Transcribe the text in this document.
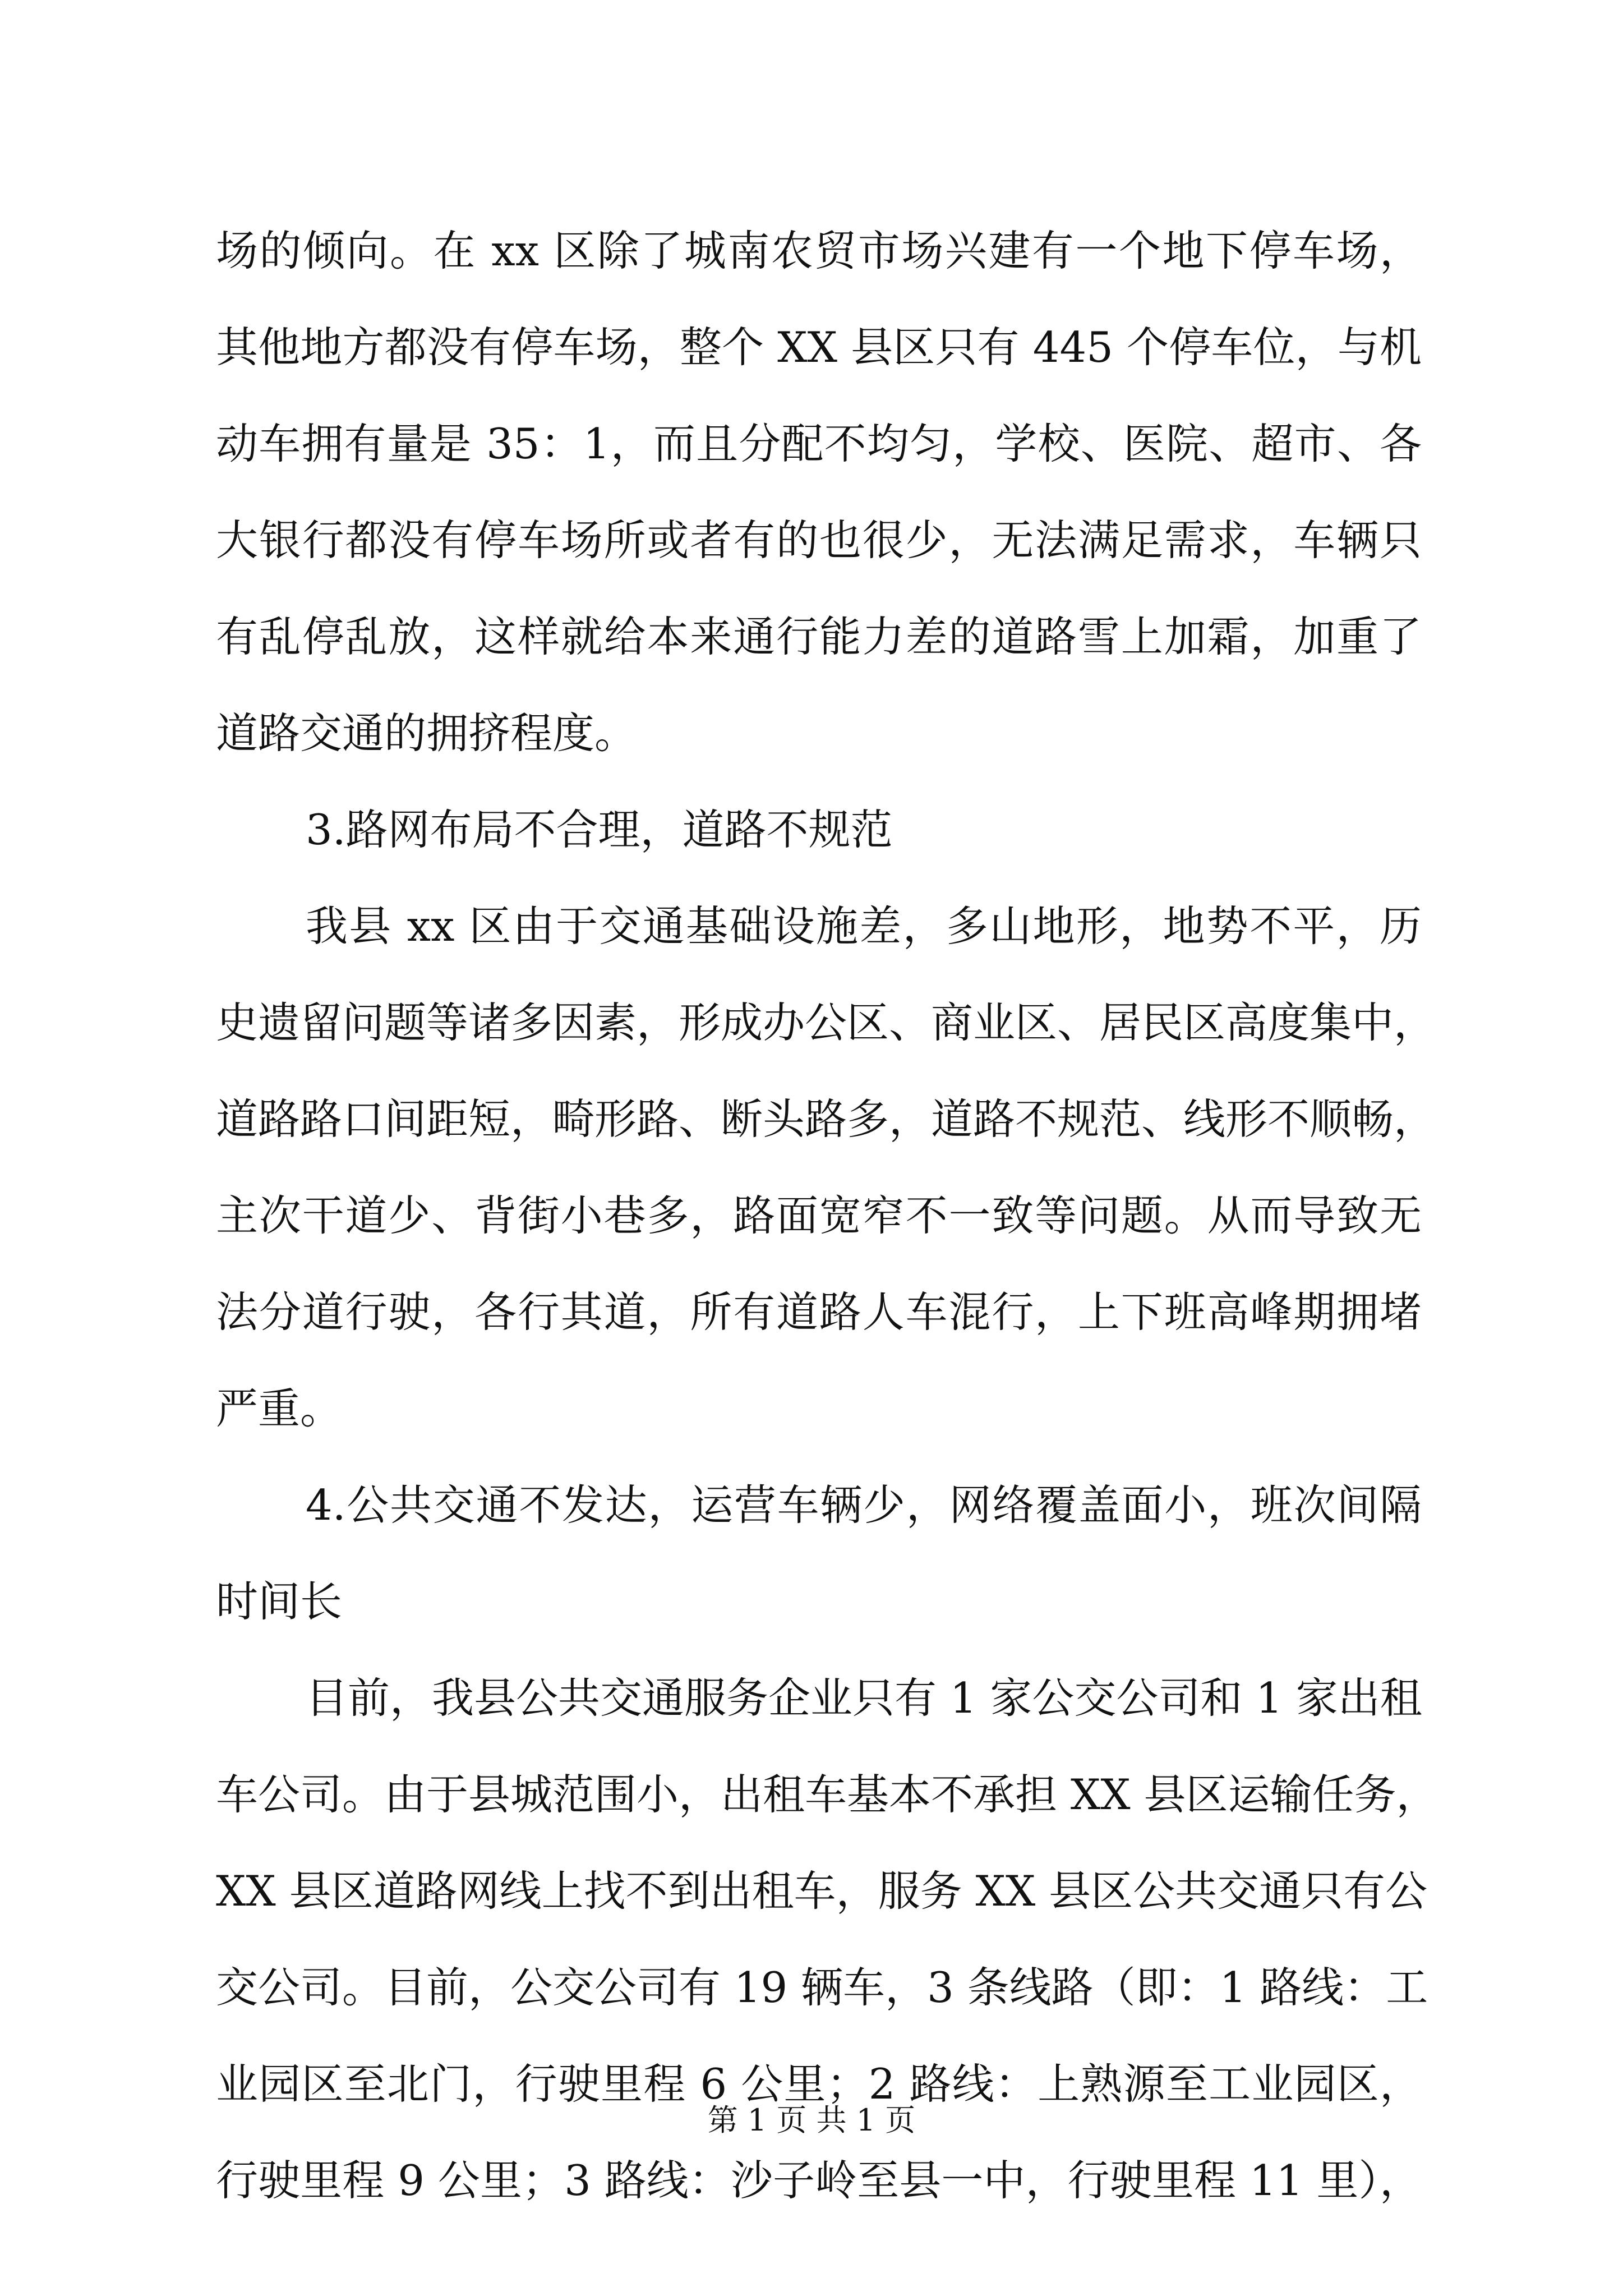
场的倾向。在 xx 区除了城南农贸市场兴建有一个地下停车场，
其他地方都没有停车场，整个 XX 县区只有 445 个停车位，与机
动车拥有量是 35：1，而且分配不均匀，学校、医院、超市、各
大银行都没有停车场所或者有的也很少，无法满足需求，车辆只
有乱停乱放，这样就给本来通行能力差的道路雪上加霜，加重了
道路交通的拥挤程度。
3.路网布局不合理，道路不规范
我县 xx 区由于交通基础设施差，多山地形，地势不平，历
史遗留问题等诸多因素，形成办公区、商业区、居民区高度集中，
道路路口间距短，畸形路、断头路多，道路不规范、线形不顺畅，
主次干道少、背街小巷多，路面宽窄不一致等问题。从而导致无
法分道行驶，各行其道，所有道路人车混行，上下班高峰期拥堵
严重。
4.公共交通不发达，运营车辆少，网络覆盖面小，班次间隔
时间长
目前，我县公共交通服务企业只有 1 家公交公司和 1 家出租
车公司。由于县城范围小，出租车基本不承担 XX 县区运输任务，
XX 县区道路网线上找不到出租车，服务 XX 县区公共交通只有公
交公司。目前，公交公司有 19 辆车，3 条线路（即：1 路线：工
业园区至北门，行驶里程 6 公里；2 路线：上熟源至工业园区，
行驶里程 9 公里；3 路线：沙子岭至县一中，行驶里程 11 里），
第 1 页 共 1 页
